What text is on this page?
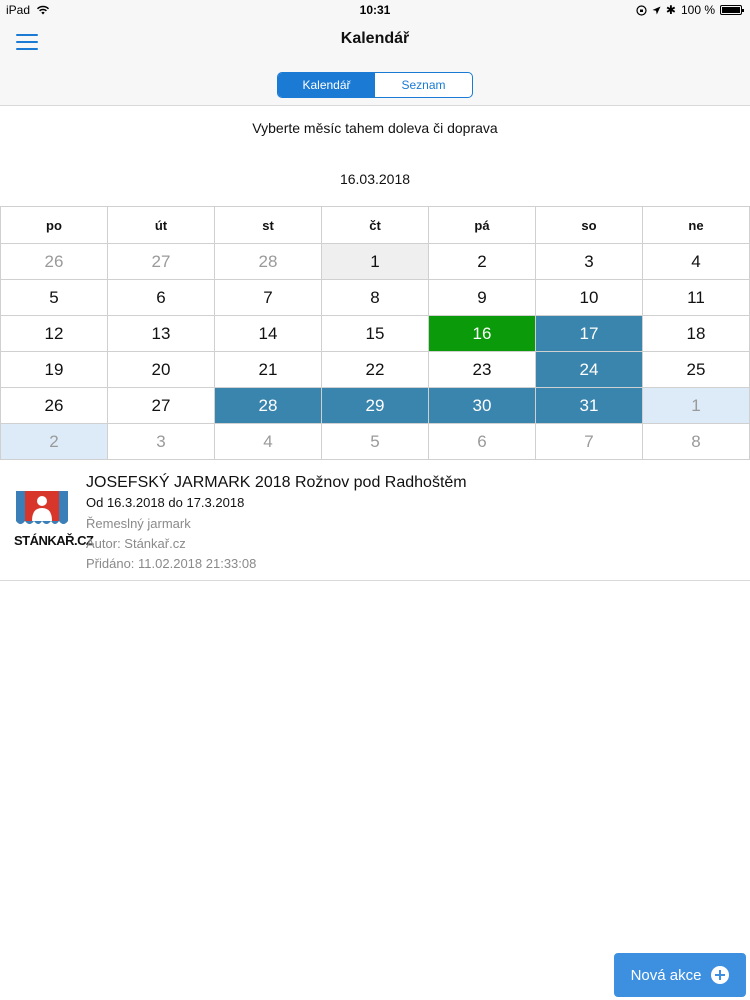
iPad	10:31	✱ 100 %
Kalendář
Kalendář	Seznam
Vyberte měsíc tahem doleva či doprava
16.03.2018
po	út	st	čt	pá	so	ne
26	27	28	1	2	3	4
5	6	7	8	9	10	11
12	13	14	15	16	17	18
19	20	21	22	23	24	25
26	27	28	29	30	31	1
2	3	4	5	6	7	8
STÁNKAŘ.CZ
JOSEFSKÝ JARMARK 2018 Rožnov pod Radhoštěm
Od 16.3.2018 do 17.3.2018
Řemeslný jarmark
Autor: Stánkař.cz
Přidáno: 11.02.2018 21:33:08
Nová akce
